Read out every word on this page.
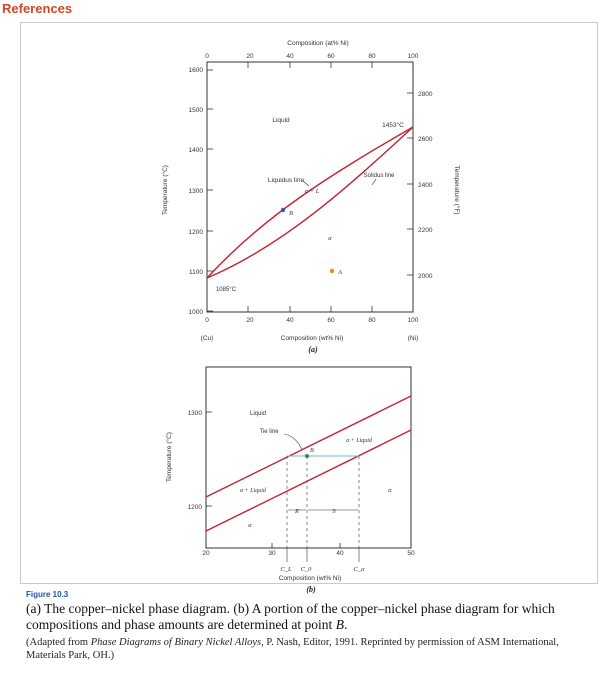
References
Composition (at% Ni)
0	20	40	60	80	100
1600
1500
1400
1300
1200
1100
1000
2800
2600
2400
2200
2000
Temperature (°C)	Temperature (°F)
0	20	40	60	80	100
(Cu)	(Ni)
Composition (wt% Ni)
(a)
Liquid
Liquidus line
Solidus line
α + L
α
1453°C
1085°C
B
A
1300
1200
20	30	40	50
Temperature (°C)	B
R	S
Liquid
Tie line
α + Liquid
α + Liquid
α
α
C_L C_0	C_α
Composition (wt% Ni)
(b)
Figure 10.3
(a) The copper–nickel phase diagram. (b) A portion of the copper–nickel phase diagram for which compositions and phase amounts are determined at point B.
(Adapted from Phase Diagrams of Binary Nickel Alloys, P. Nash, Editor, 1991. Reprinted by permission of ASM International, Materials Park, OH.)
